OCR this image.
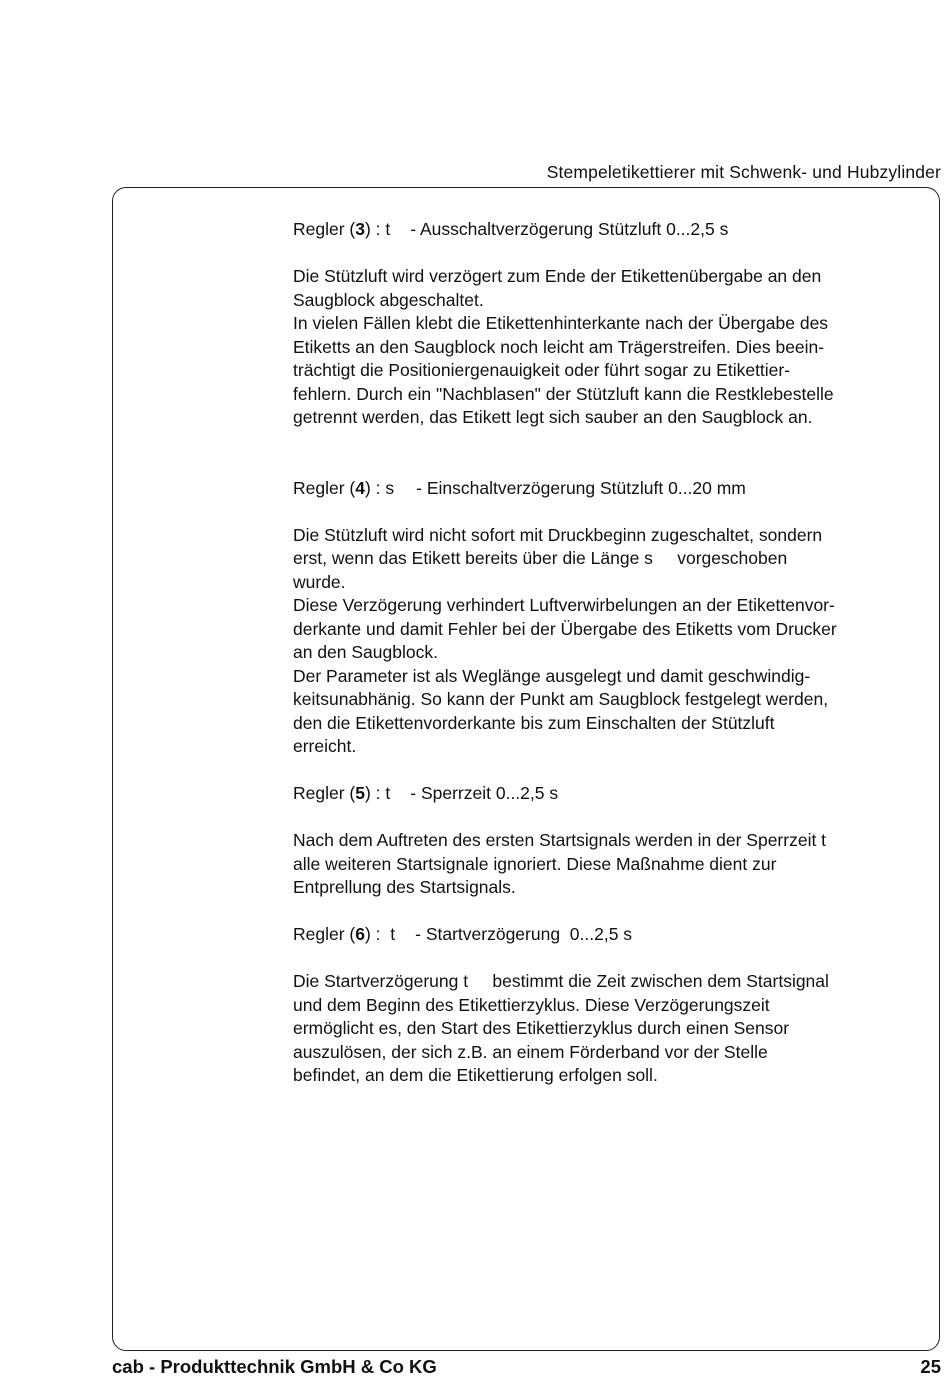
Stempeletikettierer mit Schwenk- und Hubzylinder
Regler (3) : t - Ausschaltverzögerung Stützluft 0...2,5 s
Die Stützluft wird verzögert zum Ende der Etikettenübergabe an den
Saugblock abgeschaltet.
In vielen Fällen klebt die Etikettenhinterkante nach der Übergabe des
Etiketts an den Saugblock noch leicht am Trägerstreifen. Dies beein-
trächtigt die Positioniergenauigkeit oder führt sogar zu Etikettier-
fehlern. Durch ein "Nachblasen" der Stützluft kann die Restklebestelle
getrennt werden, das Etikett legt sich sauber an den Saugblock an.
Regler (4) : s - Einschaltverzögerung Stützluft 0...20 mm
Die Stützluft wird nicht sofort mit Druckbeginn zugeschaltet, sondern
erst, wenn das Etikett bereits über die Länge s     vorgeschoben
wurde.
Diese Verzögerung verhindert Luftverwirbelungen an der Etikettenvor-
derkante und damit Fehler bei der Übergabe des Etiketts vom Drucker
an den Saugblock.
Der Parameter ist als Weglänge ausgelegt und damit geschwindig-
keitsunabhänig. So kann der Punkt am Saugblock festgelegt werden,
den die Etikettenvorderkante bis zum Einschalten der Stützluft
erreicht.
Regler (5) : t - Sperrzeit 0...2,5 s
Nach dem Auftreten des ersten Startsignals werden in der Sperrzeit t
alle weiteren Startsignale ignoriert. Diese Maßnahme dient zur
Entprellung des Startsignals.
Regler (6) :  t - Startverzögerung  0...2,5 s
Die Startverzögerung t     bestimmt die Zeit zwischen dem Startsignal
und dem Beginn des Etikettierzyklus. Diese Verzögerungszeit
ermöglicht es, den Start des Etikettierzyklus durch einen Sensor
auszulösen, der sich z.B. an einem Förderband vor der Stelle
befindet, an dem die Etikettierung erfolgen soll.
cab - Produkttechnik GmbH & Co KG	25
